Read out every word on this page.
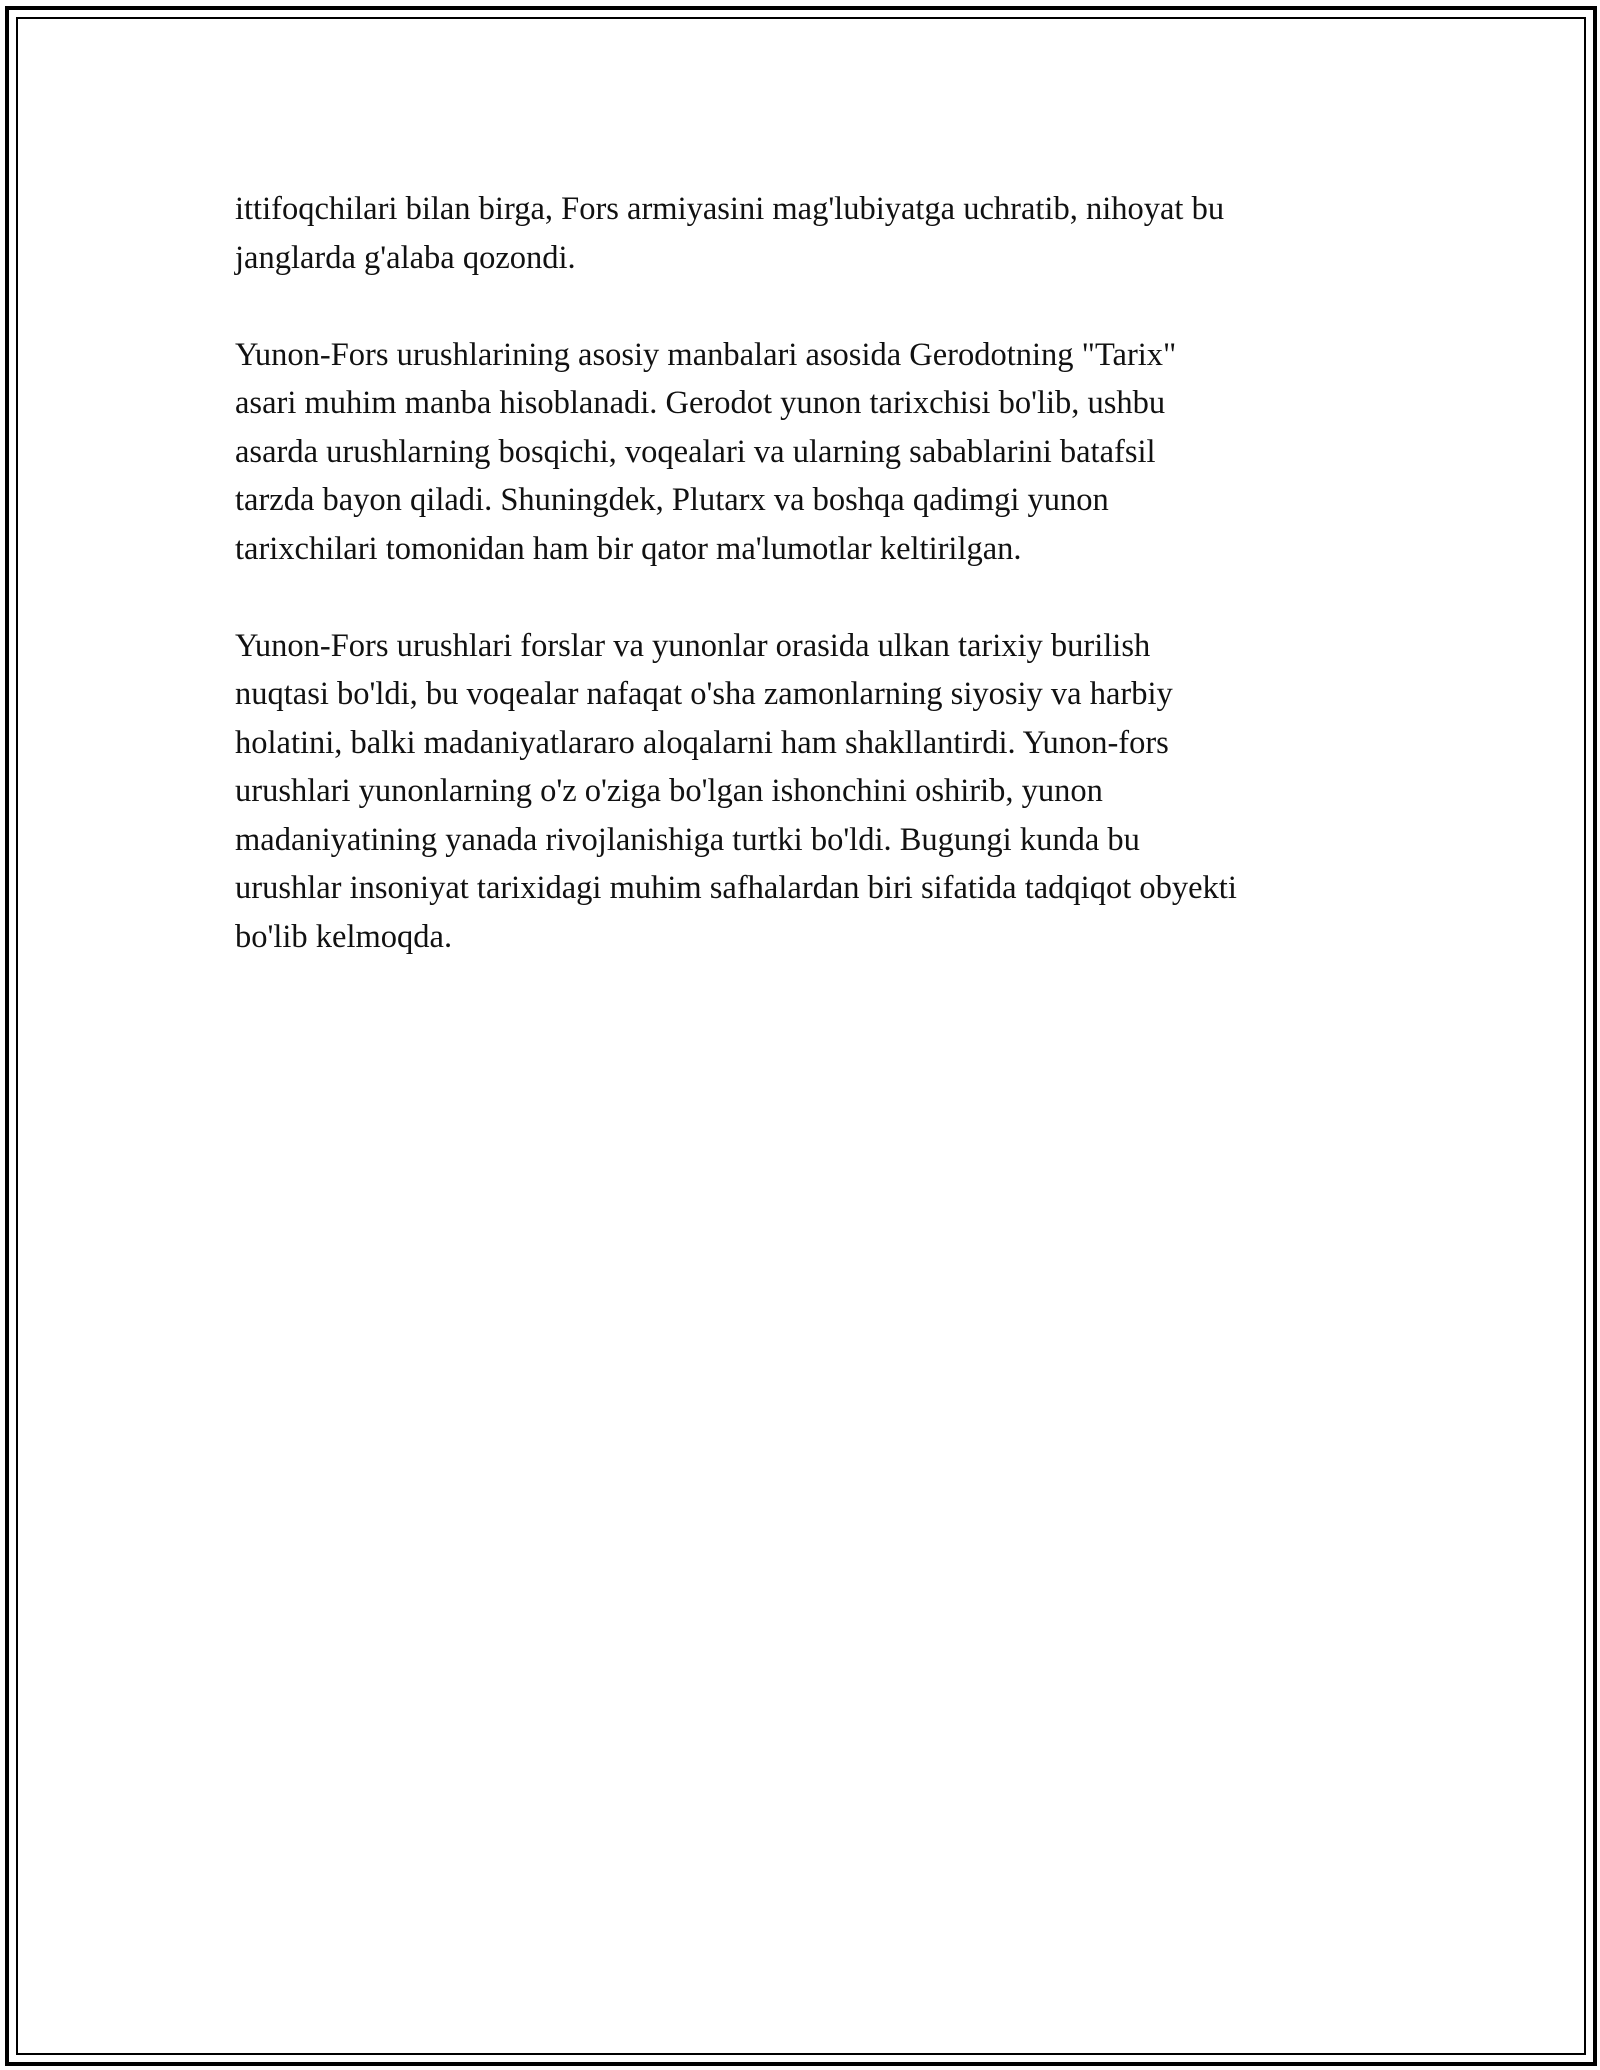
ittifoqchilari bilan birga, Fors armiyasini mag'lubiyatga uchratib, nihoyat bu
janglarda g'alaba qozondi.

Yunon-Fors urushlarining asosiy manbalari asosida Gerodotning "Tarix"
asari muhim manba hisoblanadi. Gerodot yunon tarixchisi bo'lib, ushbu
asarda urushlarning bosqichi, voqealari va ularning sabablarini batafsil
tarzda bayon qiladi. Shuningdek, Plutarx va boshqa qadimgi yunon
tarixchilari tomonidan ham bir qator ma'lumotlar keltirilgan.

Yunon-Fors urushlari forslar va yunonlar orasida ulkan tarixiy burilish
nuqtasi bo'ldi, bu voqealar nafaqat o'sha zamonlarning siyosiy va harbiy
holatini, balki madaniyatlararo aloqalarni ham shakllantirdi. Yunon-fors
urushlari yunonlarning o'z o'ziga bo'lgan ishonchini oshirib, yunon
madaniyatining yanada rivojlanishiga turtki bo'ldi. Bugungi kunda bu
urushlar insoniyat tarixidagi muhim safhalardan biri sifatida tadqiqot obyekti
bo'lib kelmoqda.
